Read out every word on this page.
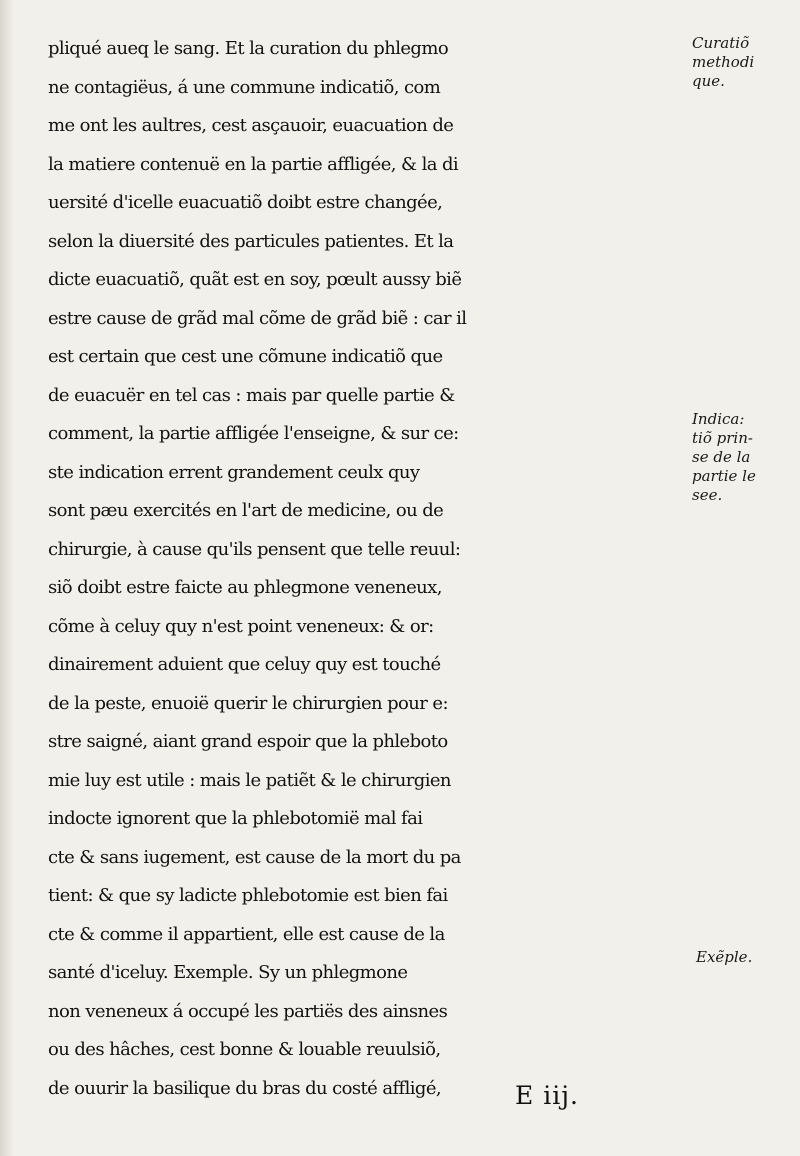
pliqué aueq le sang. Et la curation du phlegmo
ne contagiëus, á une commune indicatiõ, com
me ont les aultres, cest asçauoir, euacuation de
la matiere contenuë en la partie affligée, & la di
uersité d'icelle euacuatiõ doibt estre changée,
selon la diuersité des particules patientes. Et la
dicte euacuatiõ, quãt est en soy, pœult aussy biẽ
estre cause de grãd mal cõme de grãd biẽ : car il
est certain que cest une cõmune indicatiõ que
de euacuër en tel cas : mais par quelle partie &
comment, la partie affligée l'enseigne, & sur ce:
ste indication errent grandement ceulx quy
sont pæu exercités en l'art de medicine, ou de
chirurgie, à cause qu'ils pensent que telle reuul:
siõ doibt estre faicte au phlegmone veneneux,
cõme à celuy quy n'est point veneneux: & or:
dinairement aduient que celuy quy est touché
de la peste, enuoië querir le chirurgien pour e:
stre saigné, aiant grand espoir que la phleboto
mie luy est utile : mais le patiẽt & le chirurgien
indocte ignorent que la phlebotomië mal fai
cte & sans iugement, est cause de la mort du pa
tient: & que sy ladicte phlebotomie est bien fai
cte & comme il appartient, elle est cause de la
santé d'iceluy. Exemple. Sy un phlegmone
non veneneux á occupé les partiës des ainsnes
ou des hâches, cest bonne & louable reuulsiõ,
de ouurir la basilique du bras du costé affligé,
Curatiõ
methodi
que.
Indica:
tiõ prin-
se de la
partie le
see.
Exẽple.
E iij.
